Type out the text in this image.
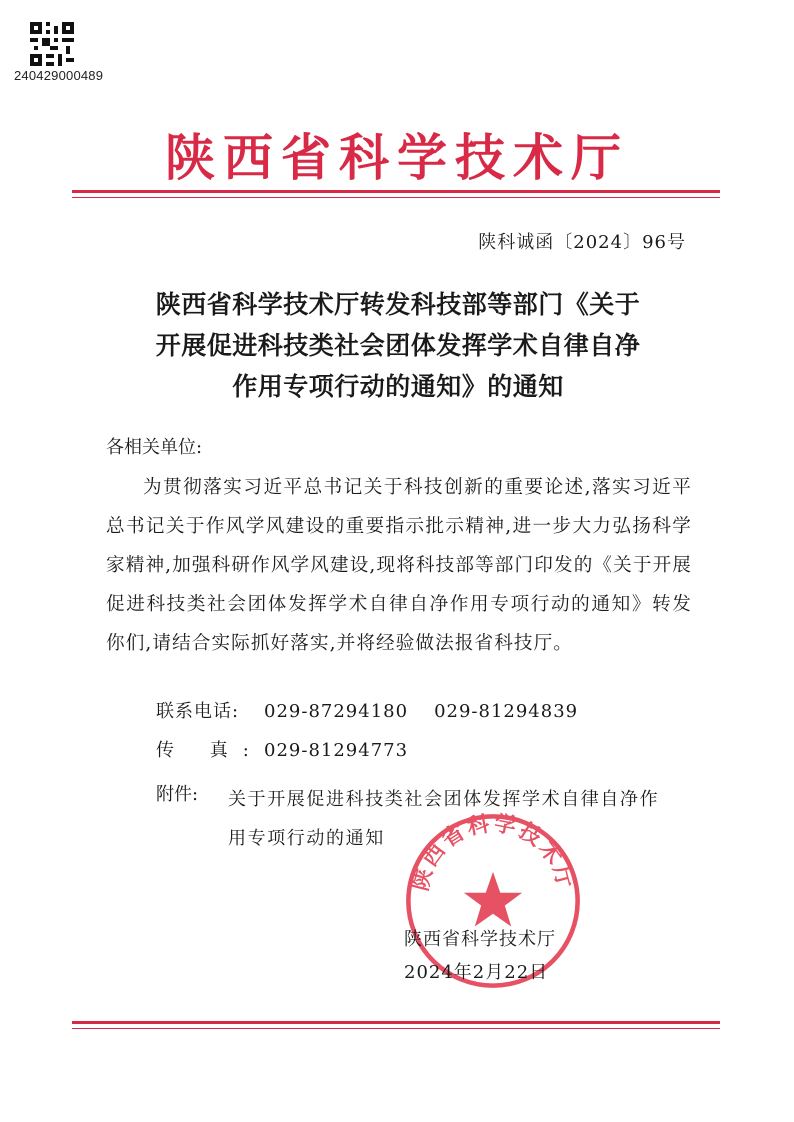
240429000489
陕西省科学技术厅
陕科诚函〔2024〕96号
陕西省科学技术厅转发科技部等部门《关于
开展促进科技类社会团体发挥学术自律自净
作用专项行动的通知》的通知
各相关单位:

为贯彻落实习近平总书记关于科技创新的重要论述,落实习近平总书记关于作风学风建设的重要指示批示精神,进一步大力弘扬科学家精神,加强科研作风学风建设,现将科技部等部门印发的《关于开展促进科技类社会团体发挥学术自律自净作用专项行动的通知》转发你们,请结合实际抓好落实,并将经验做法报省科技厅。

联系电话: 029-87294180 029-81294839
传 真:029-81294773
附件: 关于开展促进科技类社会团体发挥学术自律自净作用专项行动的通知
陕西省科学技术厅
陕西省科学技术厅
2024年2月22日
